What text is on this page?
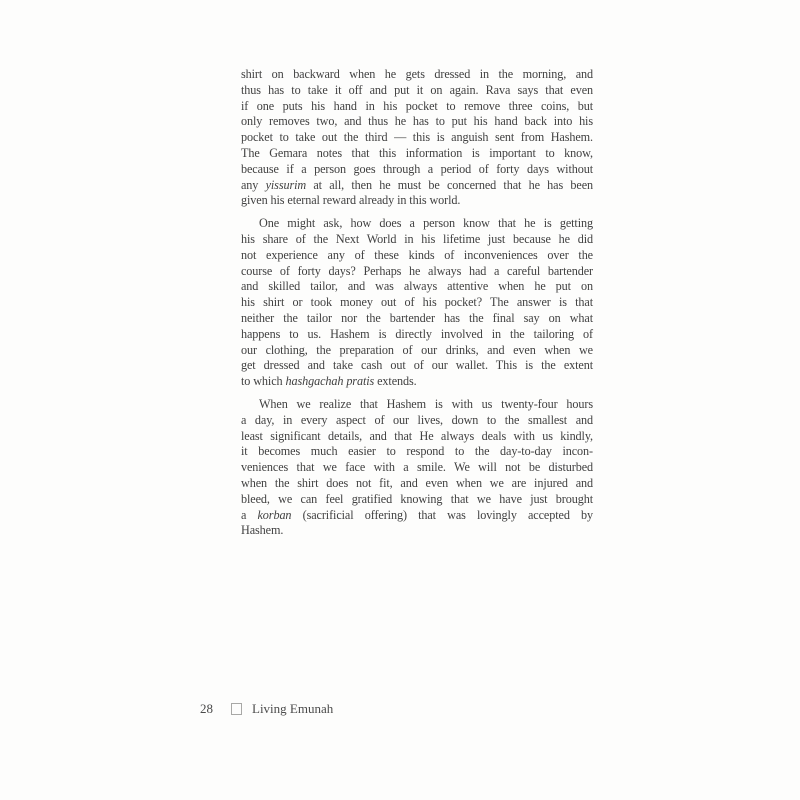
shirt on backward when he gets dressed in the morning, and
thus has to take it off and put it on again. Rava says that even
if one puts his hand in his pocket to remove three coins, but
only removes two, and thus he has to put his hand back into his
pocket to take out the third — this is anguish sent from Hashem.
The Gemara notes that this information is important to know,
because if a person goes through a period of forty days without
any yissurim at all, then he must be concerned that he has been
given his eternal reward already in this world.
One might ask, how does a person know that he is getting
his share of the Next World in his lifetime just because he did
not experience any of these kinds of inconveniences over the
course of forty days? Perhaps he always had a careful bartender
and skilled tailor, and was always attentive when he put on
his shirt or took money out of his pocket? The answer is that
neither the tailor nor the bartender has the final say on what
happens to us. Hashem is directly involved in the tailoring of
our clothing, the preparation of our drinks, and even when we
get dressed and take cash out of our wallet. This is the extent
to which hashgachah pratis extends.
When we realize that Hashem is with us twenty-four hours
a day, in every aspect of our lives, down to the smallest and
least significant details, and that He always deals with us kindly,
it becomes much easier to respond to the day-to-day incon-
veniences that we face with a smile. We will not be disturbed
when the shirt does not fit, and even when we are injured and
bleed, we can feel gratified knowing that we have just brought
a korban (sacrificial offering) that was lovingly accepted by
Hashem.
28	Living Emunah
